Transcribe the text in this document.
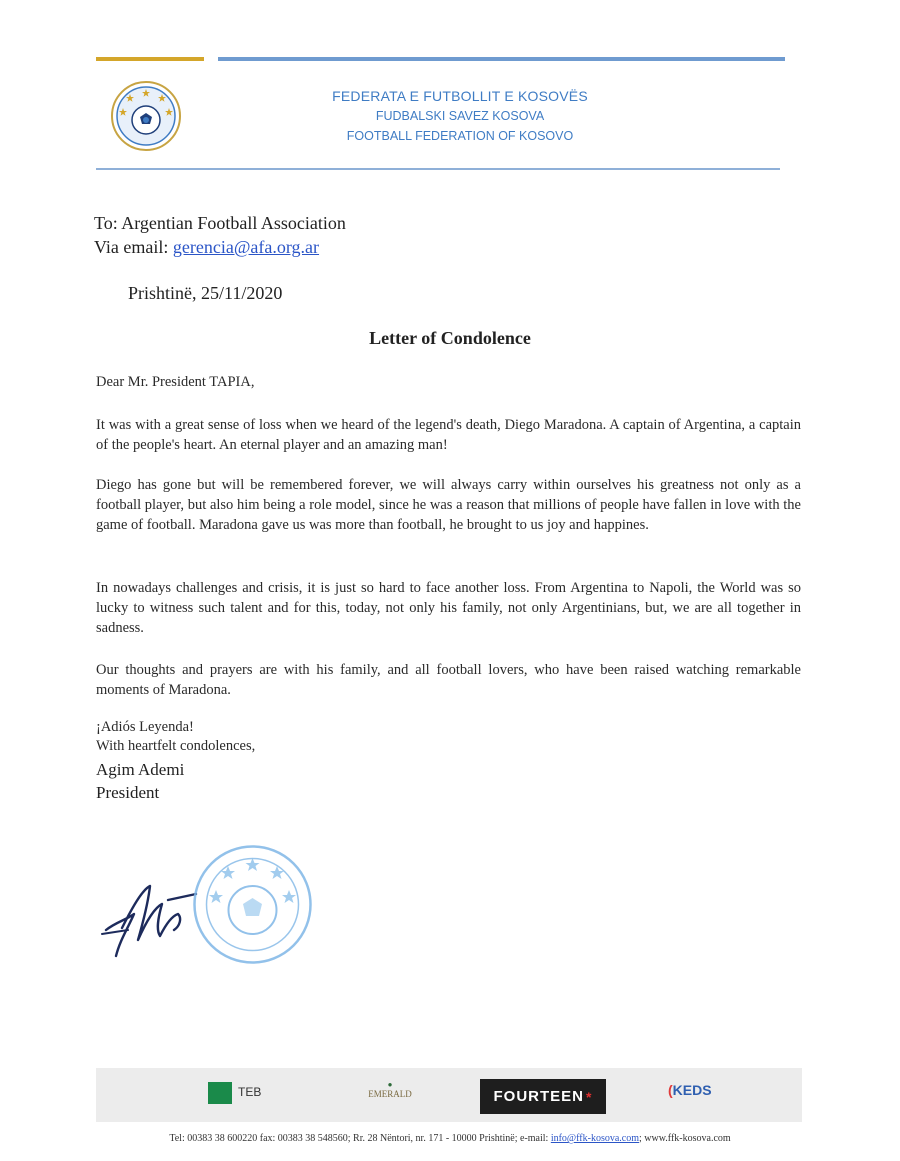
FEDERATA E FUTBOLLIT E KOSOVËS
FUDBALSKI SAVEZ KOSOVA
FOOTBALL FEDERATION OF KOSOVO
To: Argentian Football Association
Via email: gerencia@afa.org.ar
Prishtinë, 25/11/2020
Letter of Condolence
Dear Mr. President TAPIA,
It was with a great sense of loss when we heard of the legend's death, Diego Maradona. A captain of Argentina, a captain of the people's heart. An eternal player and an amazing man!
Diego has gone but will be remembered forever, we will always carry within ourselves his greatness not only as a football player, but also him being a role model, since he was a reason that millions of people have fallen in love with the game of football. Maradona gave us was more than football, he brought to us joy and happines.
In nowadays challenges and crisis, it is just so hard to face another loss. From Argentina to Napoli, the World was so lucky to witness such talent and for this, today, not only his family, not only Argentinians, but, we are all together in sadness.
Our thoughts and prayers are with his family, and all football lovers, who have been raised watching remarkable moments of Maradona.
¡Adiós Leyenda!
With heartfelt condolences,
Agim Ademi
President
TEB
●
EMERALD	FOURTEEN *	(KEDS
Tel: 00383 38 600220 fax: 00383 38 548560; Rr. 28 Nëntori, nr. 171 - 10000 Prishtinë; e-mail: info@ffk-kosova.com; www.ffk-kosova.com
